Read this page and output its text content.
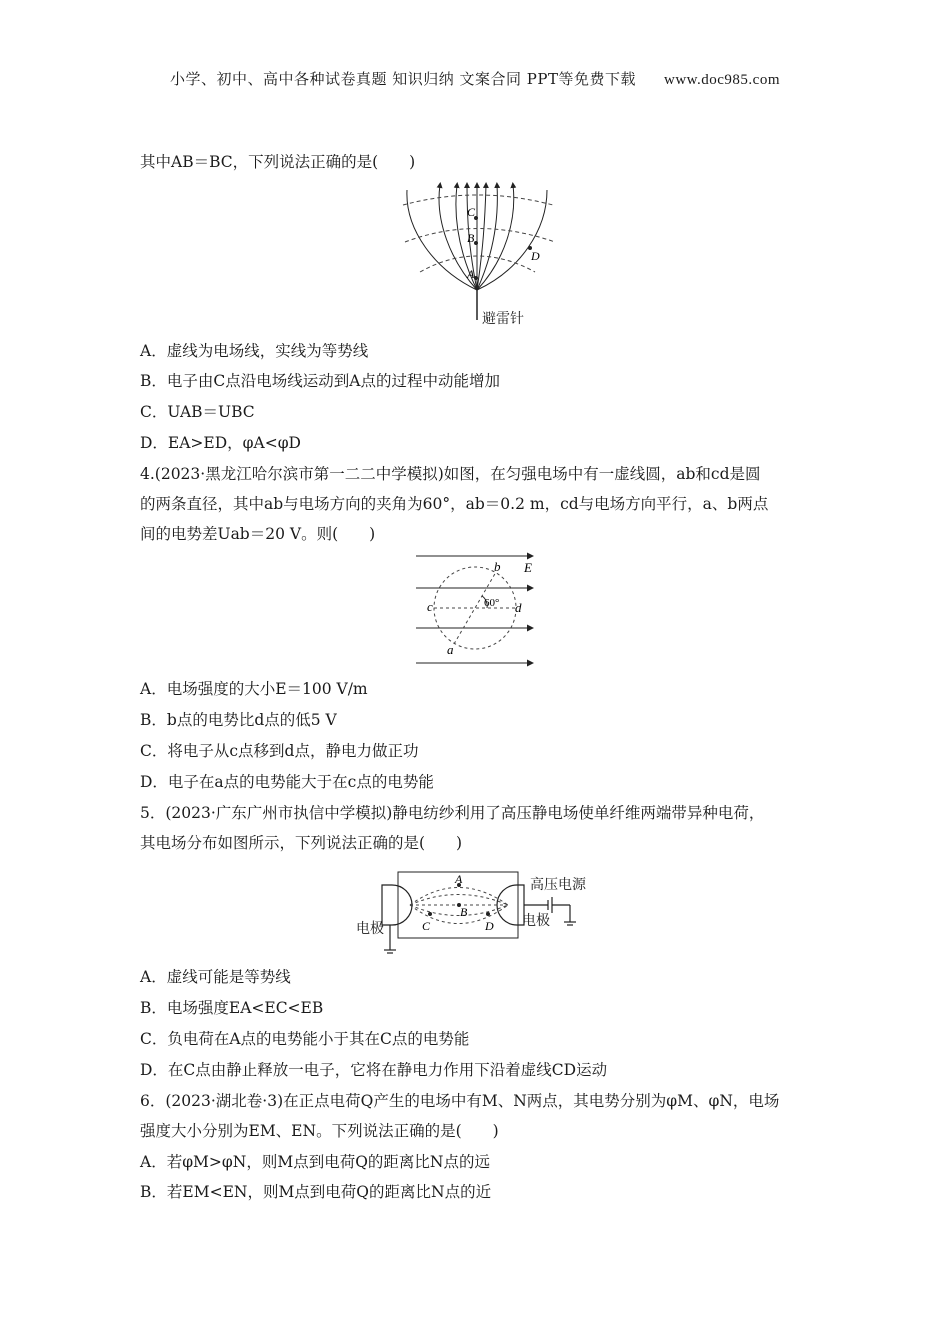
小学、初中、高中各种试卷真题 知识归纳 文案合同 PPT等免费下载 www.doc985.com
其中AB＝BC，下列说法正确的是(　　)
C
B
A
D
避雷针
A．虚线为电场线，实线为等势线
B．电子由C点沿电场线运动到A点的过程中动能增加
C．UAB＝UBC
D．EA>ED，φA<φD
4.(2023·黑龙江哈尔滨市第一二二中学模拟)如图，在匀强电场中有一虚线圆，ab和cd是圆
的两条直径，其中ab与电场方向的夹角为60°，ab＝0.2 m，cd与电场方向平行，a、b两点
间的电势差Uab＝20 V。则(　　)
c	d
b
a
E
60°
A．电场强度的大小E＝100 V/m
B．b点的电势比d点的低5 V
C．将电子从c点移到d点，静电力做正功
D．电子在a点的电势能大于在c点的电势能
5．(2023·广东广州市执信中学模拟)静电纺纱利用了高压静电场使单纤维两端带异种电荷，
其电场分布如图所示，下列说法正确的是(　　)
A
B
C	D
高压电源
电极	电极
A．虚线可能是等势线
B．电场强度EA<EC<EB
C．负电荷在A点的电势能小于其在C点的电势能
D．在C点由静止释放一电子，它将在静电力作用下沿着虚线CD运动
6．(2023·湖北卷·3)在正点电荷Q产生的电场中有M、N两点，其电势分别为φM、φN，电场
强度大小分别为EM、EN。下列说法正确的是(　　)
A．若φM>φN，则M点到电荷Q的距离比N点的远
B．若EM<EN，则M点到电荷Q的距离比N点的近
